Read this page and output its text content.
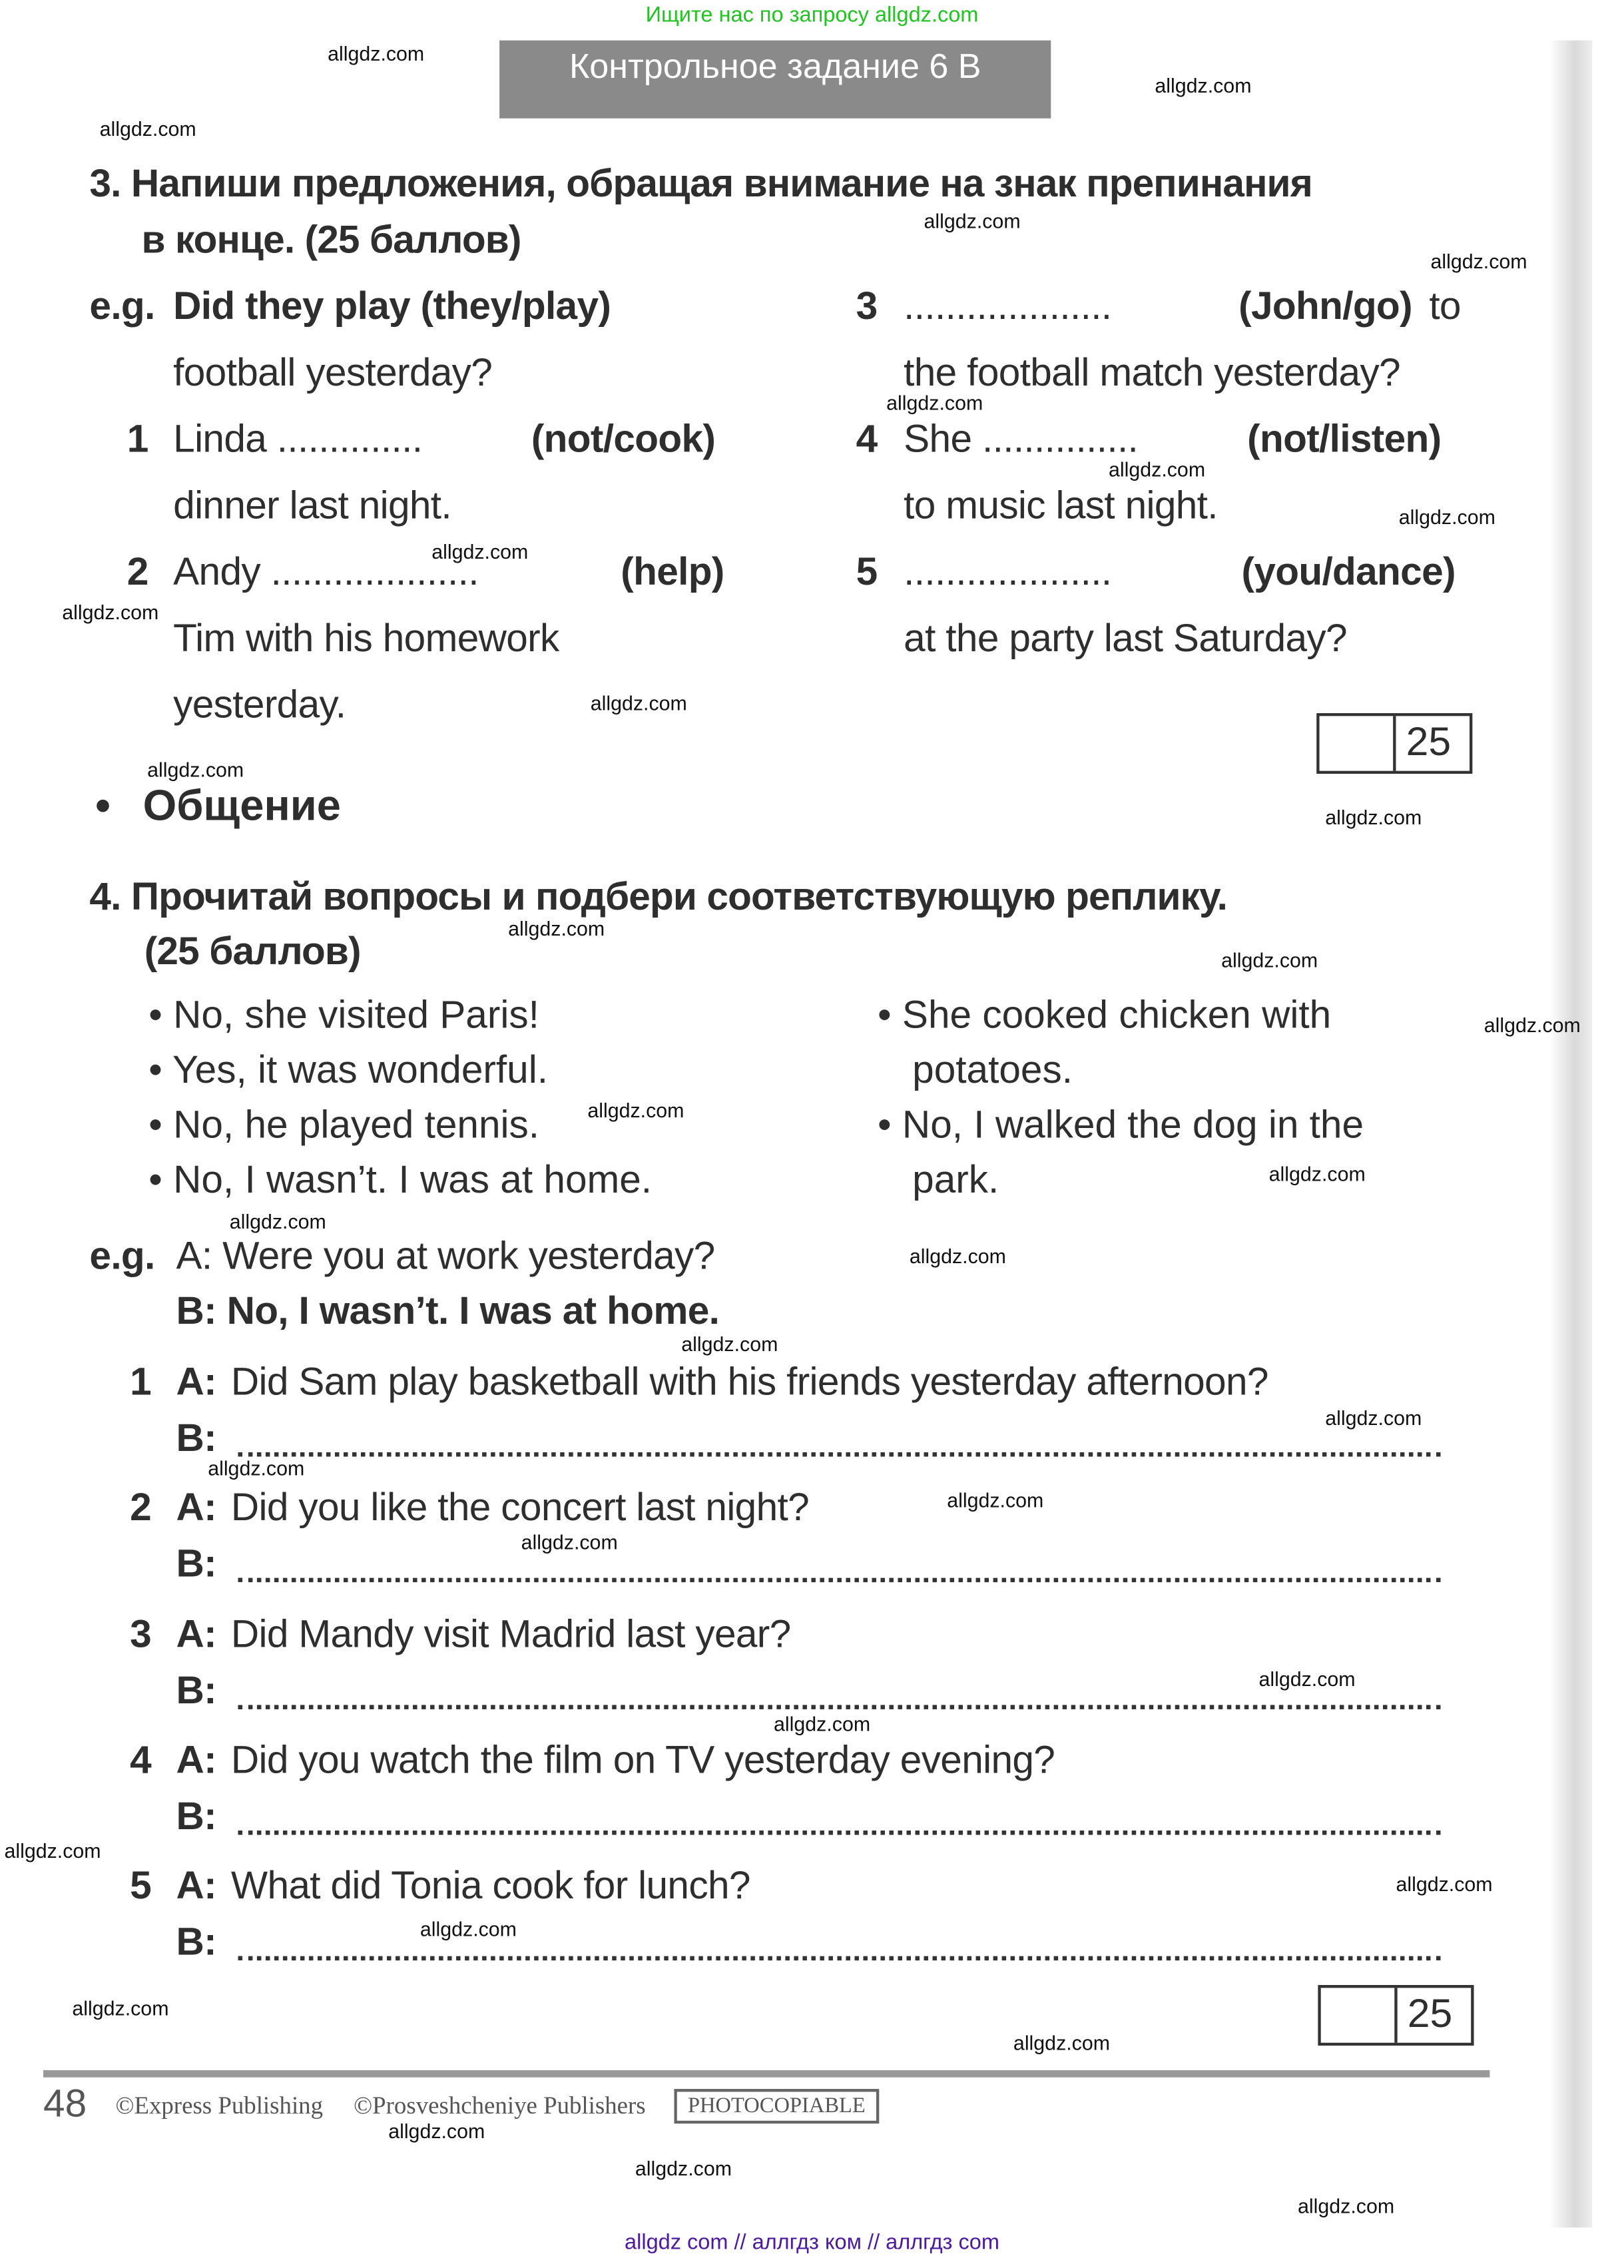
Ищите нас по запросу allgdz.com
Контрольное задание 6 B
3. Напиши предложения, обращая внимание на знак препинания
в конце. (25 баллов)
e.g. Did they play (they/play)
football yesterday?
1 Linda ..............	(not/cook)
dinner last night.
2 Andy ....................	(help)
Tim with his homework
yesterday.
3 ....................	(John/go) to
the football match yesterday?
4 She ...............	(not/listen)
to music last night.
5 ....................	(you/dance)
at the party last Saturday?
25
• Общение
4. Прочитай вопросы и подбери соответствующую реплику.
(25 баллов)
• No, she visited Paris!
• Yes, it was wonderful.
• No, he played tennis.
• No, I wasn’t. I was at home.
• She cooked chicken with
potatoes.
• No, I walked the dog in the
park.
e.g. A: Were you at work yesterday?
B: No, I wasn’t. I was at home.
1 A: Did Sam play basketball with his friends yesterday afternoon?
B:
2 A: Did you like the concert last night?
B:
3 A: Did Mandy visit Madrid last year?
B:
4 A: Did you watch the film on TV yesterday evening?
B:
5 A: What did Tonia cook for lunch?
B:
25
48	©Express Publishing	©Prosveshcheniye Publishers	PHOTOCOPIABLE
allgdz com // аллгдз ком // аллгдз com
allgdz.com
allgdz.com
allgdz.com
allgdz.com
allgdz.com
allgdz.com
allgdz.com
allgdz.com
allgdz.com
allgdz.com
allgdz.com
allgdz.com
allgdz.com
allgdz.com
allgdz.com
allgdz.com
allgdz.com
allgdz.com
allgdz.com
allgdz.com
allgdz.com
allgdz.com
allgdz.com
allgdz.com
allgdz.com
allgdz.com
allgdz.com
allgdz.com
allgdz.com
allgdz.com
allgdz.com
allgdz.com
allgdz.com
allgdz.com
allgdz.com
